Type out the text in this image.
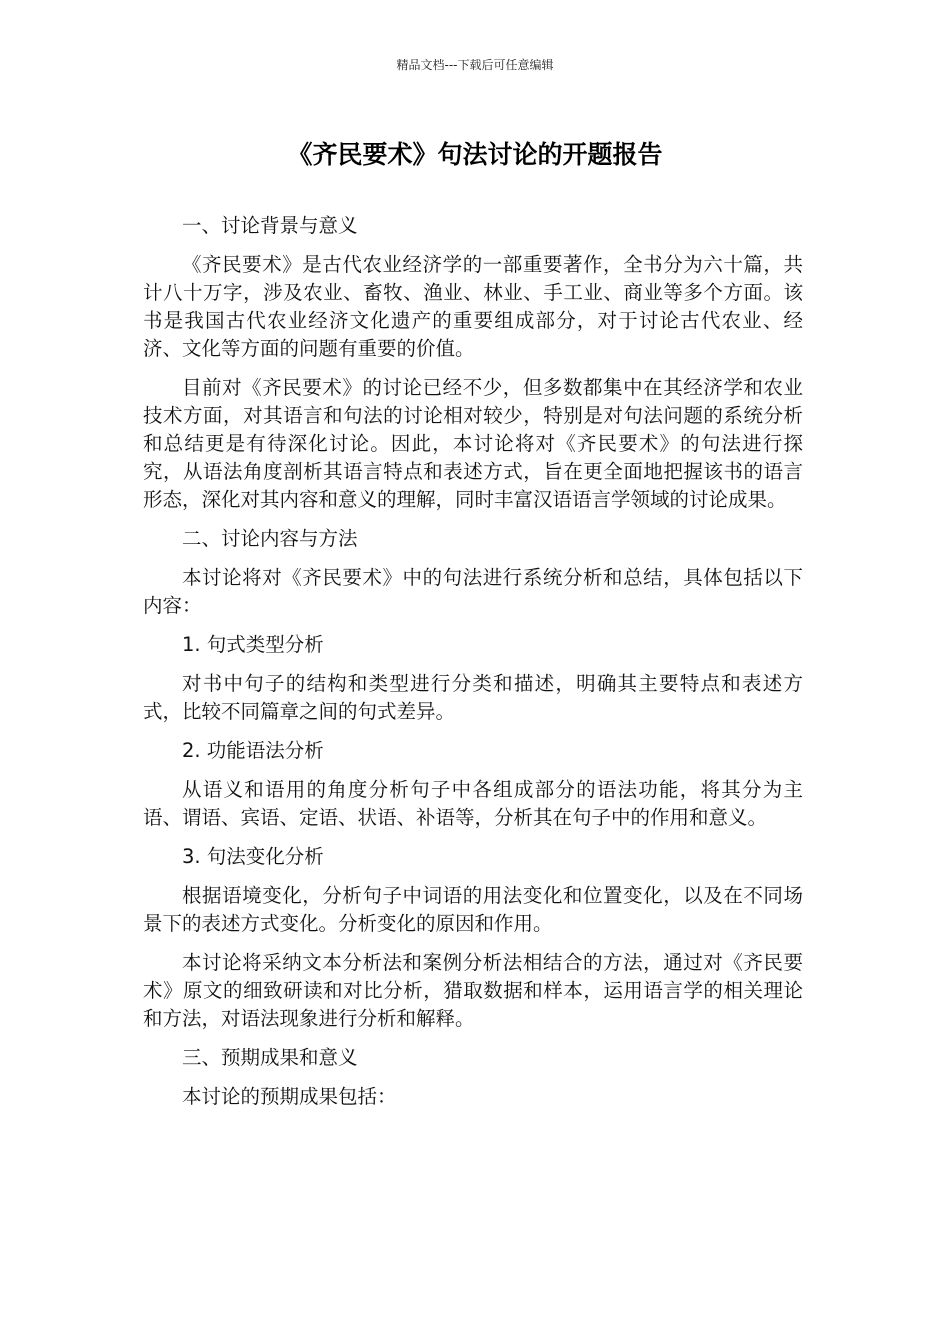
精品文档---下载后可任意编辑
《齐民要术》句法讨论的开题报告

一、讨论背景与意义

《齐民要术》是古代农业经济学的一部重要著作，全书分为六十篇，共计八十万字，涉及农业、畜牧、渔业、林业、手工业、商业等多个方面。该书是我国古代农业经济文化遗产的重要组成部分，对于讨论古代农业、经济、文化等方面的问题有重要的价值。

目前对《齐民要术》的讨论已经不少，但多数都集中在其经济学和农业技术方面，对其语言和句法的讨论相对较少，特别是对句法问题的系统分析和总结更是有待深化讨论。因此，本讨论将对《齐民要术》的句法进行探究，从语法角度剖析其语言特点和表述方式，旨在更全面地把握该书的语言形态，深化对其内容和意义的理解，同时丰富汉语语言学领域的讨论成果。

二、讨论内容与方法

本讨论将对《齐民要术》中的句法进行系统分析和总结，具体包括以下内容：

1. 句式类型分析

对书中句子的结构和类型进行分类和描述，明确其主要特点和表述方式，比较不同篇章之间的句式差异。

2. 功能语法分析

从语义和语用的角度分析句子中各组成部分的语法功能，将其分为主语、谓语、宾语、定语、状语、补语等，分析其在句子中的作用和意义。

3. 句法变化分析

根据语境变化，分析句子中词语的用法变化和位置变化，以及在不同场景下的表述方式变化。分析变化的原因和作用。

本讨论将采纳文本分析法和案例分析法相结合的方法，通过对《齐民要术》原文的细致研读和对比分析，猎取数据和样本，运用语言学的相关理论和方法，对语法现象进行分析和解释。

三、预期成果和意义

本讨论的预期成果包括：
